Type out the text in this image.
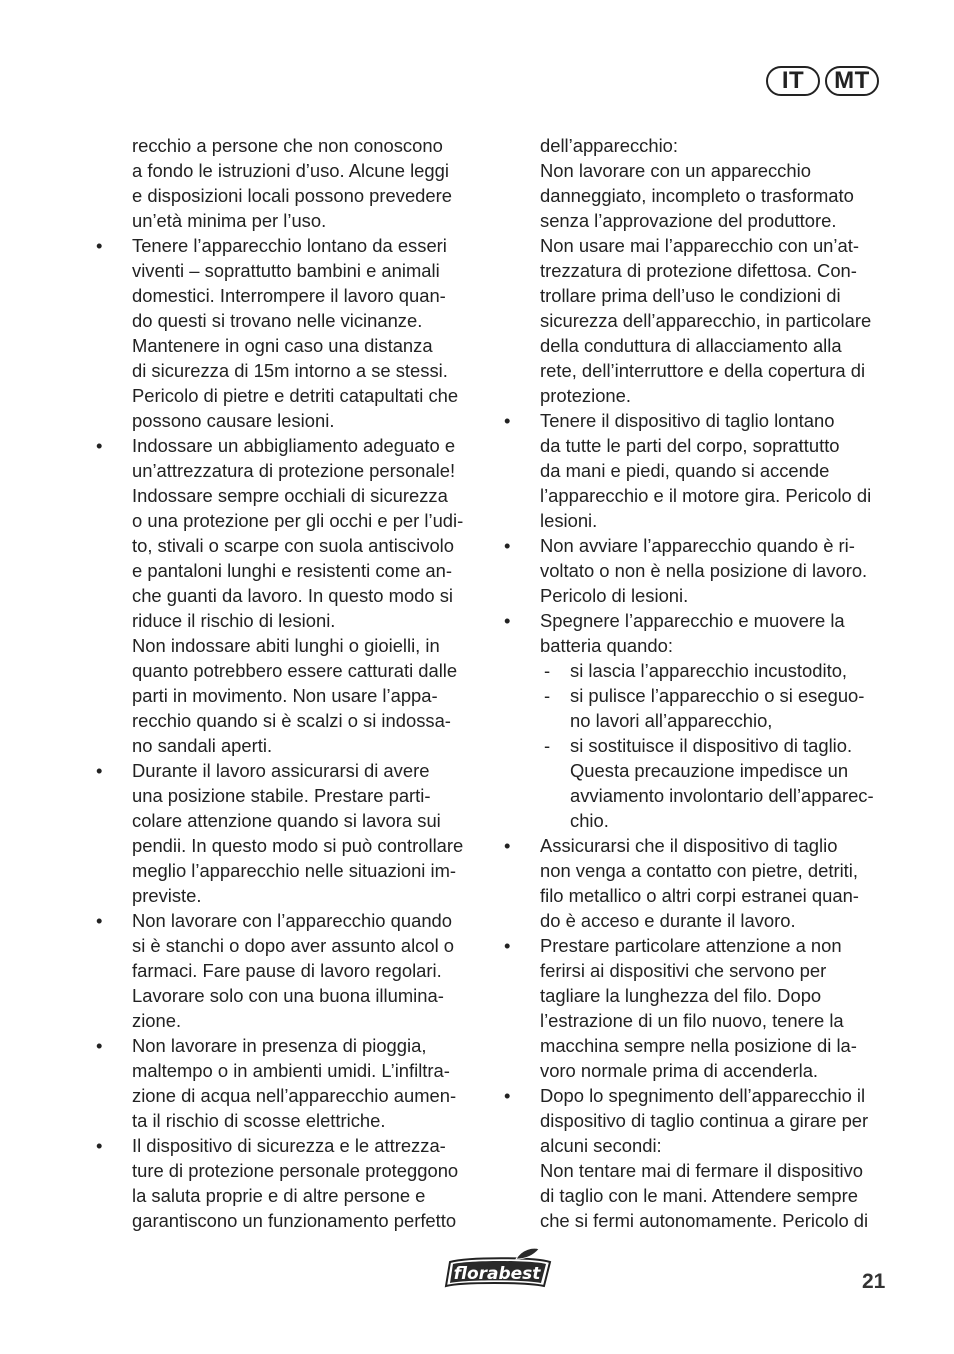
IT	MT
recchio a persone che non conoscono
a fondo le istruzioni d’uso. Alcune leggi
e disposizioni locali possono prevedere
un’età minima per l’uso.
• Tenere l’apparecchio lontano da esseri
viventi – soprattutto bambini e animali
domestici. Interrompere il lavoro quan-
do questi si trovano nelle vicinanze.
Mantenere in ogni caso una distanza
di sicurezza di 15m intorno a se stessi.
Pericolo di pietre e detriti catapultati che
possono causare lesioni.
• Indossare un abbigliamento adeguato e
un’attrezzatura di protezione personale!
Indossare sempre occhiali di sicurezza
o una protezione per gli occhi e per l’udi-
to, stivali o scarpe con suola antiscivolo
e pantaloni lunghi e resistenti come an-
che guanti da lavoro. In questo modo si
riduce il rischio di lesioni.
Non indossare abiti lunghi o gioielli, in
quanto potrebbero essere catturati dalle
parti in movimento. Non usare l’appa-
recchio quando si è scalzi o si indossa-
no sandali aperti.
• Durante il lavoro assicurarsi di avere
una posizione stabile. Prestare parti-
colare attenzione quando si lavora sui
pendii. In questo modo si può controllare
meglio l’apparecchio nelle situazioni im-
previste.
• Non lavorare con l’apparecchio quando
si è stanchi o dopo aver assunto alcol o
farmaci. Fare pause di lavoro regolari.
Lavorare solo con una buona illumina-
zione.
• Non lavorare in presenza di pioggia,
maltempo o in ambienti umidi. L’infiltra-
zione di acqua nell’apparecchio aumen-
ta il rischio di scosse elettriche.
• Il dispositivo di sicurezza e le attrezza-
ture di protezione personale proteggono
la saluta proprie e di altre persone e
garantiscono un funzionamento perfetto
dell’apparecchio:
Non lavorare con un apparecchio
danneggiato, incompleto o trasformato
senza l’approvazione del produttore.
Non usare mai l’apparecchio con un’at-
trezzatura di protezione difettosa. Con-
trollare prima dell’uso le condizioni di
sicurezza dell’apparecchio, in particolare
della conduttura di allacciamento alla
rete, dell’interruttore e della copertura di
protezione.
• Tenere il dispositivo di taglio lontano
da tutte le parti del corpo, soprattutto
da mani e piedi, quando si accende
l’apparecchio e il motore gira. Pericolo di
lesioni.
• Non avviare l’apparecchio quando è ri-
voltato o non è nella posizione di lavoro.
Pericolo di lesioni.
• Spegnere l’apparecchio e muovere la
batteria quando:
- si lascia l’apparecchio incustodito,
- si pulisce l’apparecchio o si eseguo-
no lavori all’apparecchio,
- si sostituisce il dispositivo di taglio.
Questa precauzione impedisce un
avviamento involontario dell’apparec-
chio.
• Assicurarsi che il dispositivo di taglio
non venga a contatto con pietre, detriti,
filo metallico o altri corpi estranei quan-
do è acceso e durante il lavoro.
• Prestare particolare attenzione a non
ferirsi ai dispositivi che servono per
tagliare la lunghezza del filo. Dopo
l’estrazione di un filo nuovo, tenere la
macchina sempre nella posizione di la-
voro normale prima di accenderla.
• Dopo lo spegnimento dell’apparecchio il
dispositivo di taglio continua a girare per
alcuni secondi:
Non tentare mai di fermare il dispositivo
di taglio con le mani. Attendere sempre
che si fermi autonomamente. Pericolo di
florabest	21
